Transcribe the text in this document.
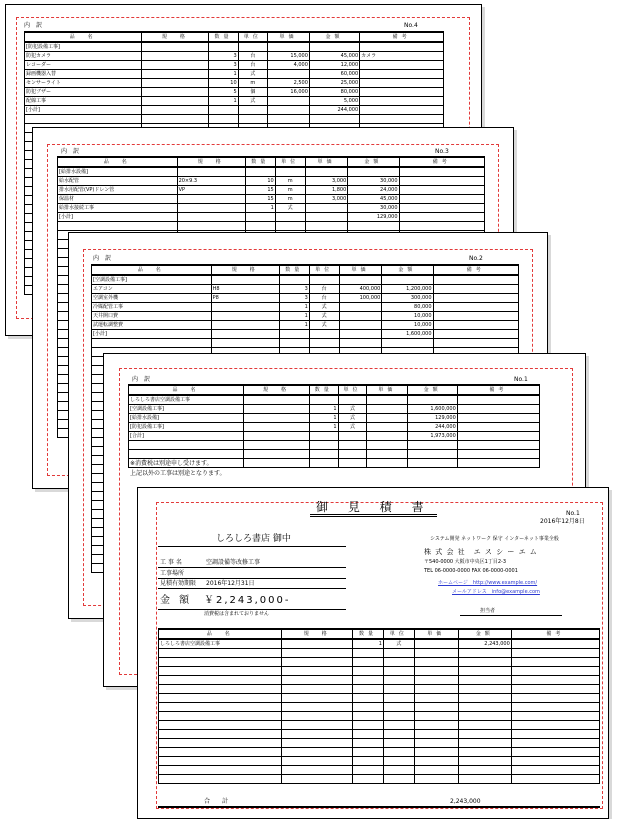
内　訳	No.4
品　名	規　格	数量	単位	単価	金額	備考
[防犯設備工事]						
防犯カメラ		3	台	15,000	45,000	カメラ
レコーダー		3	台	4,000	12,000	
録画機器入替		1	式		60,000	
センサーライト		10	m	2,500	25,000	
防犯ブザー		5	個	16,000	80,000	
配線工事		1	式		5,000	
[小計]					244,000	

内　訳	No.3
品　名	規　格	数量	単位	単価	金額	備考
[給排水設備]						
給水配管	20×9.3	10	m	3,000	30,000	
排水用配管(VP)ドレン管	VP	15	m	1,800	24,000	
保温材		15	m	3,000	45,000	
給排水接続工事		1	式		30,000	
[小計]					129,000	

内　訳	No.2
品　名	規　格	数量	単位	単価	金額	備考
[空調設備工事]						
エアコン	H8	3	台	400,000	1,200,000	
空調室外機	P8	3	台	100,000	300,000	
冷媒配管工事		1	式		80,000	
天井開口費		1	式		10,000	
試運転調整費		1	式		10,000	
[小計]					1,600,000	

内　訳	No.1
品　名	規　格	数量	単位	単価	金額	備考
しろしろ書店空調設備工事						
[空調設備工事]		1	式		1,600,000	
[給排水設備]		1	式		129,000	
[防犯設備工事]		1	式		244,000	
[合計]					1,973,000	

※消費税は別途申し受けます。
上記以外の工事は別途となります。
御 見 積 書	No.1
2016年12月8日
しろしろ書店 御中
工 事 名	空調設備等改修工事
工事場所
見積有効期限 2016年12月31日
金 額 ￥2,243,000-
消費税は含まれておりません
システム開発 ネットワーク 保守 インターネット事業全般
株 式 会 社　エ ス シ ー エ ム
〒540-0000 大阪市中央区1丁目2-3
TEL 06-0000-0000 FAX 06-0000-0001
ホームページ　http://www.example.com/
メールアドレス　info@example.com
担当者
品　名	規　格	数量	単位	単価	金額	備考
しろしろ書店空調設備工事		1	式		2,243,000	

合　　計	2,243,000
